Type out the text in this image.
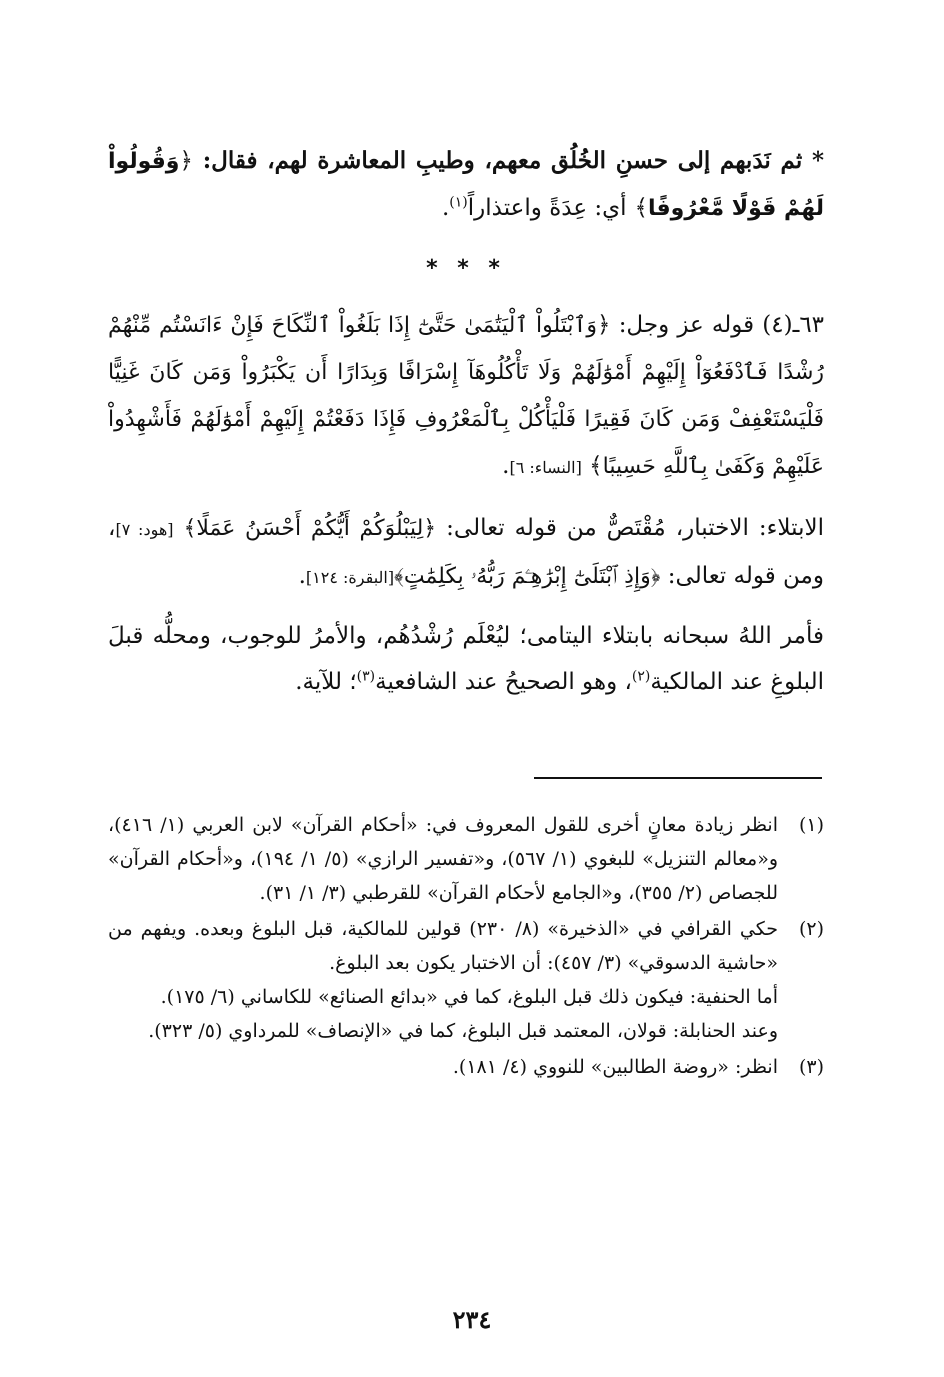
* ثم نَدَبهم إلى حسنِ الخُلُق معهم، وطيبِ المعاشرة لهم، فقال: ﴿وَقُولُواْ لَهُمْ قَوْلًا مَّعْرُوفًا﴾ أي: عِدَةً واعتذاراً$^{(١)}$.

* * *

٦٣ـ(٤) قوله عز وجل: ﴿وَٱبْتَلُواْ ٱلْيَتَٰمَىٰ حَتَّىٰٓ إِذَا بَلَغُواْ ٱلنِّكَاحَ فَإِنْ ءَانَسْتُم مِّنْهُمْ رُشْدًا فَٱدْفَعُوٓاْ إِلَيْهِمْ أَمْوَٰلَهُمْ وَلَا تَأْكُلُوهَآ إِسْرَافًا وَبِدَارًا أَن يَكْبَرُواْ وَمَن كَانَ غَنِيًّا فَلْيَسْتَعْفِفْ وَمَن كَانَ فَقِيرًا فَلْيَأْكُلْ بِٱلْمَعْرُوفِ فَإِذَا دَفَعْتُمْ إِلَيْهِمْ أَمْوَٰلَهُمْ فَأَشْهِدُواْ عَلَيْهِمْ وَكَفَىٰ بِٱللَّهِ حَسِيبًا﴾ [النساء: ٦].

الابتلاء: الاختبار، مُقْتَصٌّ من قوله تعالى: ﴿لِيَبْلُوَكُمْ أَيُّكُمْ أَحْسَنُ عَمَلًا﴾ [هود: ٧]، ومن قوله تعالى: ﴿وَإِذِ ٱبْتَلَىٰٓ إِبْرَٰهِـۧمَ رَبُّهُۥ بِكَلِمَٰتٍ﴾[البقرة: ١٢٤].

فأمر اللهُ سبحانه بابتلاء اليتامى؛ ليُعْلَم رُشْدُهُم، والأمرُ للوجوب، ومحلُّه قبلَ البلوغِ عند المالكية$^{(٢)}$، وهو الصحيحُ عند الشافعية$^{(٣)}$؛ للآية.

(١)

انظر زيادة معانٍ أخرى للقول المعروف في: «أحكام القرآن» لابن العربي (١/ ٤١٦)، و«معالم التنزيل» للبغوي (١/ ٥٦٧)، و«تفسير الرازي» (٥/ ١/ ١٩٤)، و«أحكام القرآن» للجصاص (٢/ ٣٥٥)، و«الجامع لأحكام القرآن» للقرطبي (٣/ ١/ ٣١).

(٢)

حكي القرافي في «الذخيرة» (٨/ ٢٣٠) قولين للمالكية، قبل البلوغ وبعده. ويفهم من «حاشية الدسوقي» (٣/ ٤٥٧): أن الاختبار يكون بعد البلوغ.

أما الحنفية: فيكون ذلك قبل البلوغ، كما في «بدائع الصنائع» للكاساني (٦/ ١٧٥).

وعند الحنابلة: قولان، المعتمد قبل البلوغ، كما في «الإنصاف» للمرداوي (٥/ ٣٢٣).

(٣)

انظر: «روضة الطالبين» للنووي (٤/ ١٨١).

٢٣٤
